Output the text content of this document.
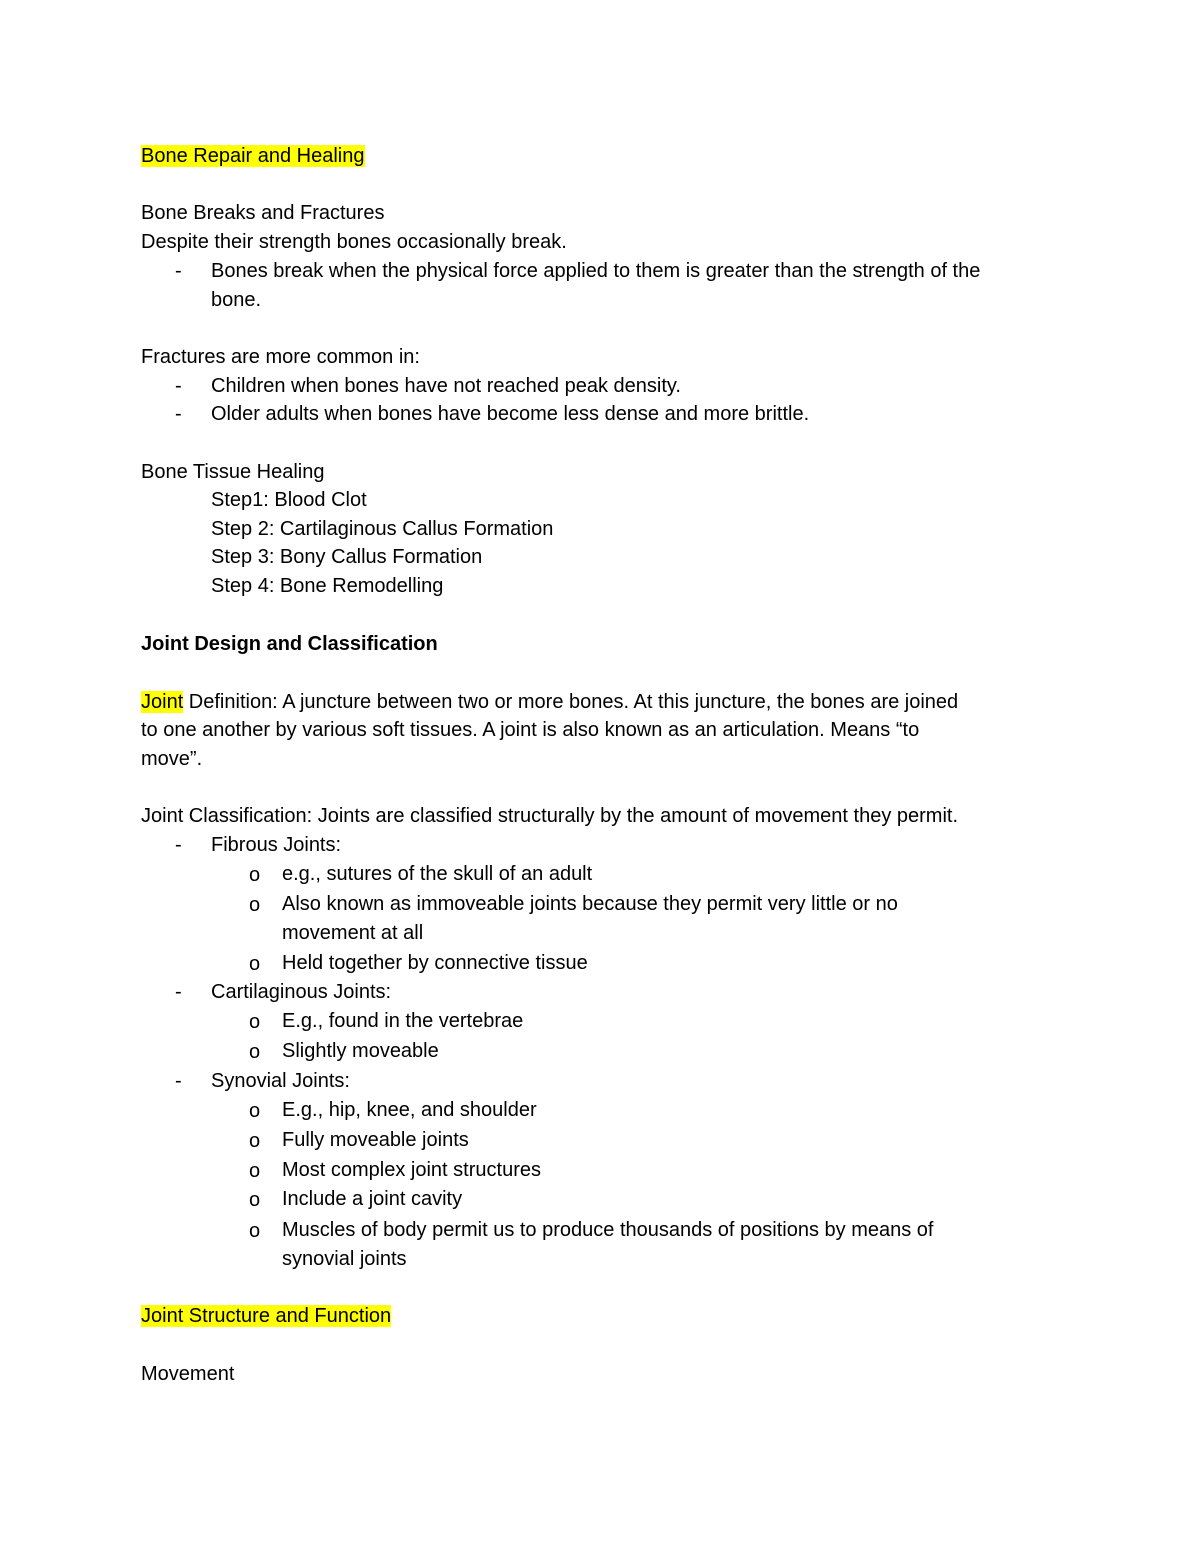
Bone Repair and Healing
Bone Breaks and Fractures
Despite their strength bones occasionally break.
- Bones break when the physical force applied to them is greater than the strength of the
bone.
Fractures are more common in:
- Children when bones have not reached peak density.
- Older adults when bones have become less dense and more brittle.
Bone Tissue Healing
Step1: Blood Clot
Step 2: Cartilaginous Callus Formation
Step 3: Bony Callus Formation
Step 4: Bone Remodelling
Joint Design and Classification
Joint Definition: A juncture between two or more bones. At this juncture, the bones are joined
to one another by various soft tissues. A joint is also known as an articulation. Means “to
move”.
Joint Classification: Joints are classified structurally by the amount of movement they permit.
- Fibrous Joints:
o e.g., sutures of the skull of an adult
o Also known as immoveable joints because they permit very little or no
movement at all
o Held together by connective tissue
- Cartilaginous Joints:
o E.g., found in the vertebrae
o Slightly moveable
- Synovial Joints:
o E.g., hip, knee, and shoulder
o Fully moveable joints
o Most complex joint structures
o Include a joint cavity
o Muscles of body permit us to produce thousands of positions by means of
synovial joints
Joint Structure and Function
Movement
